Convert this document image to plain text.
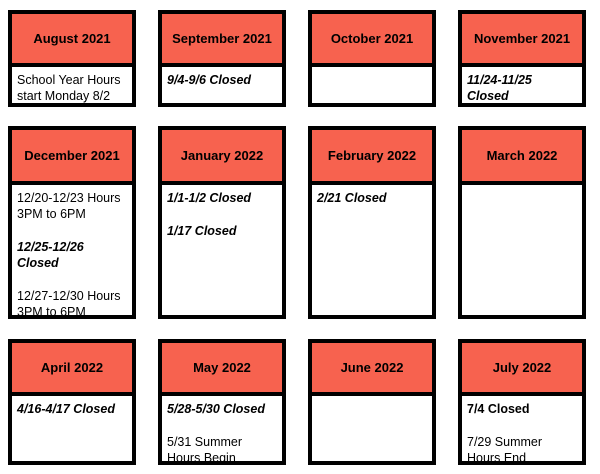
August 2021
School Year Hours
start Monday 8/2
September 2021
9/4-9/6 Closed
October 2021	November 2021
11/24-11/25
Closed
December 2021
12/20-12/23 Hours
3PM to 6PM
12/25-12/26
Closed
12/27-12/30 Hours
3PM to 6PM
January 2022
1/1-1/2 Closed
1/17 Closed
February 2022
2/21 Closed
March 2022
April 2022
4/16-4/17 Closed
May 2022
5/28-5/30 Closed
5/31 Summer
Hours Begin
June 2022	July 2022
7/4 Closed
7/29 Summer
Hours End
